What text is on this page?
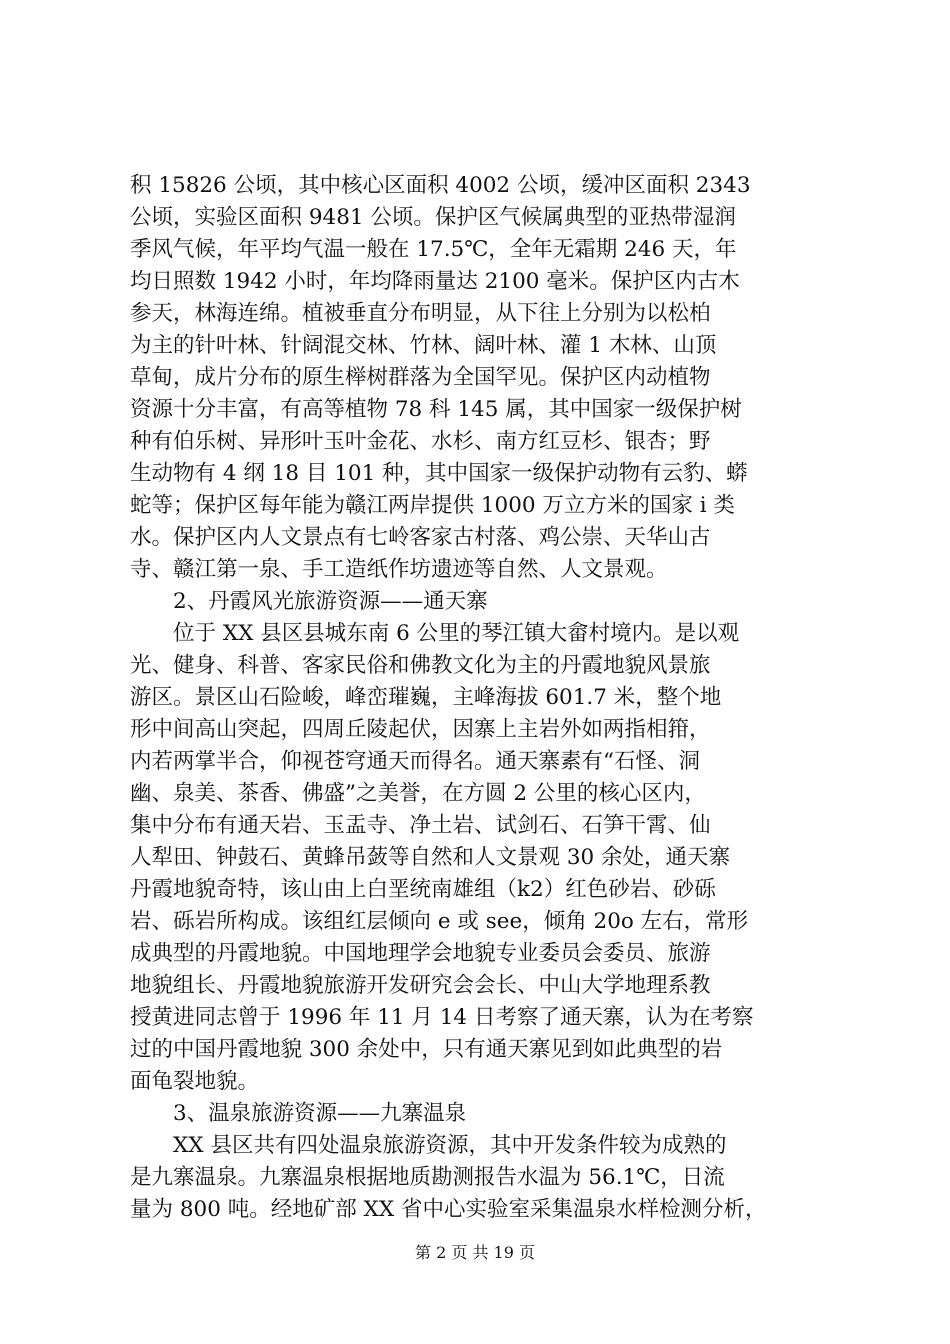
积 15826 公顷，其中核心区面积 4002 公顷，缓冲区面积 2343
公顷，实验区面积 9481 公顷。保护区气候属典型的亚热带湿润
季风气候，年平均气温一般在 17.5℃，全年无霜期 246 天，年
均日照数 1942 小时，年均降雨量达 2100 毫米。保护区内古木
参天，林海连绵。植被垂直分布明显，从下往上分别为以松柏
为主的针叶林、针阔混交林、竹林、阔叶林、灌 1 木林、山顶
草甸，成片分布的原生榉树群落为全国罕见。保护区内动植物
资源十分丰富，有高等植物 78 科 145 属，其中国家一级保护树
种有伯乐树、异形叶玉叶金花、水杉、南方红豆杉、银杏；野
生动物有 4 纲 18 目 101 种，其中国家一级保护动物有云豹、蟒
蛇等；保护区每年能为赣江两岸提供 1000 万立方米的国家 i 类
水。保护区内人文景点有七岭客家古村落、鸡公崇、天华山古
寺、赣江第一泉、手工造纸作坊遗迹等自然、人文景观。
2、丹霞风光旅游资源——通天寨
位于 XX 县区县城东南 6 公里的琴江镇大畲村境内。是以观
光、健身、科普、客家民俗和佛教文化为主的丹霞地貌风景旅
游区。景区山石险峻，峰峦璀巍，主峰海拔 601.7 米，整个地
形中间高山突起，四周丘陵起伏，因寨上主岩外如两指相箝，
内若两掌半合，仰视苍穹通天而得名。通天寨素有“石怪、洞
幽、泉美、茶香、佛盛”之美誉，在方圆 2 公里的核心区内，
集中分布有通天岩、玉盂寺、净土岩、试剑石、石笋干霄、仙
人犁田、钟鼓石、黄蜂吊蔹等自然和人文景观 30 余处，通天寨
丹霞地貌奇特，该山由上白垩统南雄组（k2）红色砂岩、砂砾
岩、砾岩所构成。该组红层倾向 e 或 see，倾角 20o 左右，常形
成典型的丹霞地貌。中国地理学会地貌专业委员会委员、旅游
地貌组长、丹霞地貌旅游开发研究会会长、中山大学地理系教
授黄进同志曾于 1996 年 11 月 14 日考察了通天寨，认为在考察
过的中国丹霞地貌 300 余处中，只有通天寨见到如此典型的岩
面龟裂地貌。
3、温泉旅游资源——九寨温泉
XX 县区共有四处温泉旅游资源，其中开发条件较为成熟的
是九寨温泉。九寨温泉根据地质勘测报告水温为 56.1℃，日流
量为 800 吨。经地矿部 XX 省中心实验室采集温泉水样检测分析，
第 2 页 共 19 页
